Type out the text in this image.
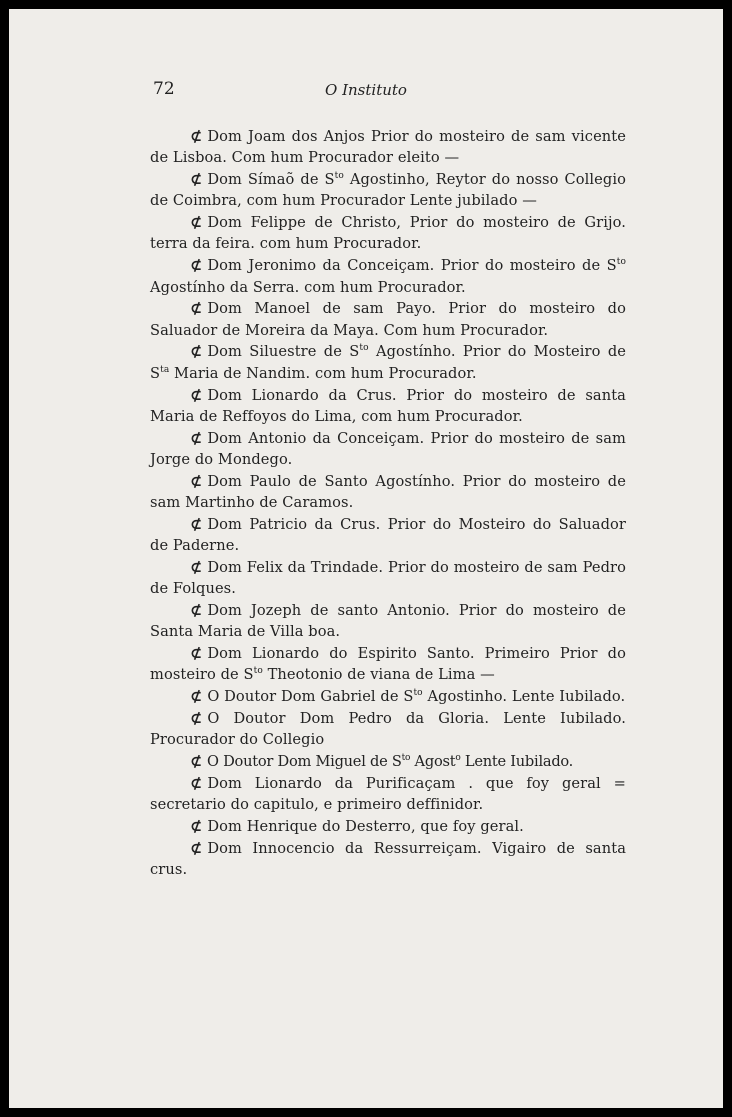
72	O Instituto

⊄ Dom Joam dos Anjos Prior do mosteiro de sam vicente de Lisboa. Com hum Procurador eleito —

⊄ Dom Símaõ de $S^{to}$ Agostinho, Reytor do nosso Collegio de Coimbra, com hum Procurador Lente jubilado —

⊄ Dom Felippe de Christo, Prior do mosteiro de Grijo. terra da feira. com hum Procurador.

⊄ Dom Jeronimo da Conceiçam. Prior do mosteiro de $S^{to}$ Agostínho da Serra. com hum Procurador.

⊄ Dom Manoel de sam Payo. Prior do mosteiro do Saluador de Moreira da Maya. Com hum Procurador.

⊄ Dom Siluestre de $S^{to}$ Agostínho. Prior do Mosteiro de $S^{ta}$ Maria de Nandim. com hum Procurador.

⊄ Dom Lionardo da Crus. Prior do mosteiro de santa Maria de Reffoyos do Lima, com hum Procurador.

⊄ Dom Antonio da Conceiçam. Prior do mosteiro de sam Jorge do Mondego.

⊄ Dom Paulo de Santo Agostínho. Prior do mosteiro de sam Martinho de Caramos.

⊄ Dom Patricio da Crus. Prior do Mosteiro do Saluador de Paderne.

⊄ Dom Felix da Trindade. Prior do mosteiro de sam Pedro de Folques.

⊄ Dom Jozeph de santo Antonio. Prior do mosteiro de Santa Maria de Villa boa.

⊄ Dom Lionardo do Espirito Santo. Primeiro Prior do mosteiro de $S^{to}$ Theotonio de viana de Lima —

⊄ O Doutor Dom Gabriel de $S^{to}$ Agostinho. Lente Iubilado.

⊄ O Doutor Dom Pedro da Gloria. Lente Iubilado. Procurador do Collegio

⊄ O Doutor Dom Miguel de $S^{to}$ Agost$^o$ Lente Iubilado.

⊄ Dom Lionardo da Purificaçam . que foy geral = secretario do capitulo, e primeiro deffinidor.

⊄ Dom Henrique do Desterro, que foy geral.

⊄ Dom Innocencio da Ressurreiçam. Vigairo de santa crus.
